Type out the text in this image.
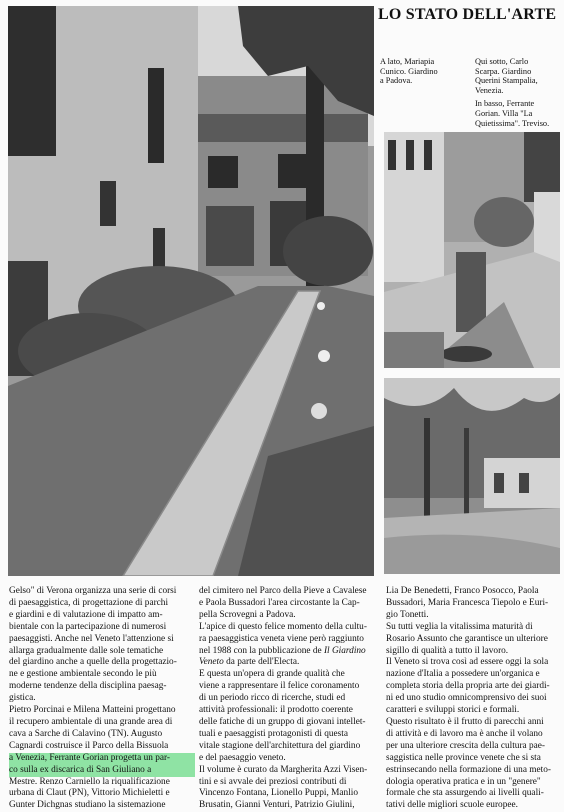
LO STATO DELL'ARTE
A lato, Mariapia
Cunico. Giardino
a Padova.
Qui sotto, Carlo
Scarpa. Giardino
Querini Stampalia,
Venezia.
In basso, Ferrante
Gorian. Villa "La
Quietissima". Treviso.
Gelso" di Verona organizza una serie di corsi
di paesaggistica, di progettazione di parchi
e giardini e di valutazione di impatto am-
bientale con la partecipazione di numerosi
paesaggisti. Anche nel Veneto l'attenzione si
allarga gradualmente dalle sole tematiche
del giardino anche a quelle della progettazio-
ne e gestione ambientale secondo le più
moderne tendenze della disciplina paesag-
gistica.
Pietro Porcinai e Milena Matteini progettano
il recupero ambientale di una grande area di
cava a Sarche di Calavino (TN). Augusto
Cagnardi costruisce il Parco della Bissuola
a Venezia, Ferrante Gorian progetta un par-
co sulla ex discarica di San Giuliano a
Mestre. Renzo Carniello la riqualificazione
urbana di Claut (PN), Vittorio Michieletti e
Gunter Dichgnas studiano la sistemazione
del cimitero nel Parco della Pieve a Cavalese
e Paola Bussadori l'area circostante la Cap-
pella Scrovegni a Padova.
L'apice di questo felice momento della cultu-
ra paesaggistica veneta viene però raggiunto
nel 1988 con la pubblicazione de Il Giardino
Veneto da parte dell'Electa.
È questa un'opera di grande qualità che
viene a rappresentare il felice coronamento
di un periodo ricco di ricerche, studi ed
attività professionali: il prodotto coerente
delle fatiche di un gruppo di giovani intellet-
tuali e paesaggisti protagonisti di questa
vitale stagione dell'architettura del giardino
e del paesaggio veneto.
Il volume è curato da Margherita Azzi Visen-
tini e si avvale dei preziosi contributi di
Vincenzo Fontana, Lionello Puppi, Manlio
Brusatin, Gianni Venturi, Patrizio Giulini,
Lia De Benedetti, Franco Posocco, Paola
Bussadori, Maria Francesca Tiepolo e Euri-
gio Tonetti.
Su tutti veglia la vitalissima maturità di
Rosario Assunto che garantisce un ulteriore
sigillo di qualità a tutto il lavoro.
Il Veneto si trova così ad essere oggi la sola
nazione d'Italia a possedere un'organica e
completa storia della propria arte dei giardi-
ni ed uno studio omnicomprensivo dei suoi
caratteri e sviluppi storici e formali.
Questo risultato è il frutto di parecchi anni
di attività e di lavoro ma è anche il volano
per una ulteriore crescita della cultura pae-
saggistica nelle province venete che si sta
estrinsecando nella formazione di una meto-
dologia operativa pratica e in un "genere"
formale che sta assurgendo ai livelli quali-
tativi delle migliori scuole europee.
